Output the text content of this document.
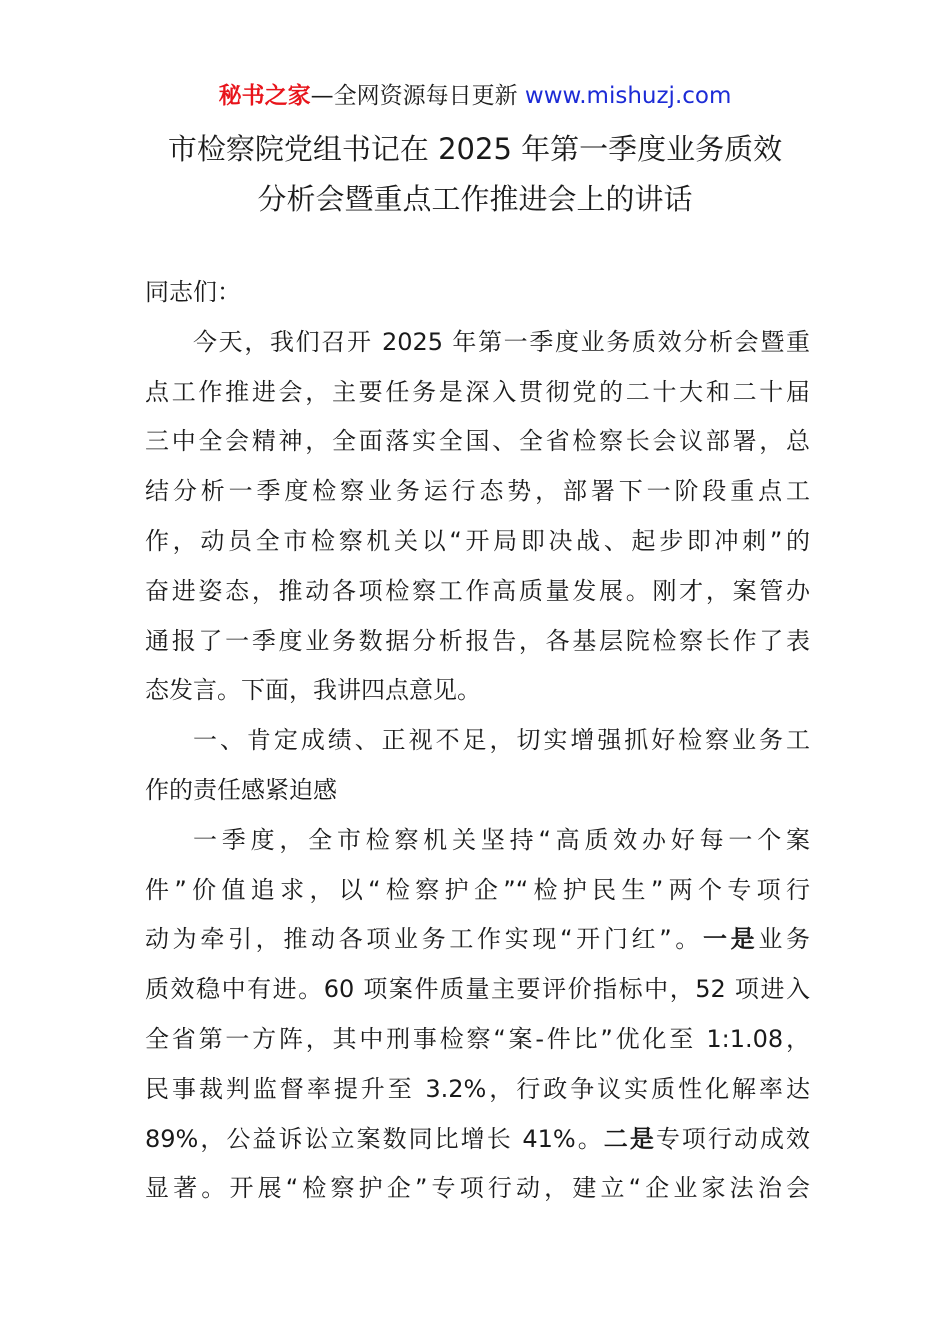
秘书之家—全网资源每日更新 www.mishuzj.com
市检察院党组书记在 2025 年第一季度业务质效
分析会暨重点工作推进会上的讲话
同志们：
今天，我们召开 2025 年第一季度业务质效分析会暨重
点工作推进会，主要任务是深入贯彻党的二十大和二十届
三中全会精神，全面落实全国、全省检察长会议部署，总
结分析一季度检察业务运行态势，部署下一阶段重点工
作，动员全市检察机关以“开局即决战、起步即冲刺”的
奋进姿态，推动各项检察工作高质量发展。刚才，案管办
通报了一季度业务数据分析报告，各基层院检察长作了表
态发言。下面，我讲四点意见。
一、肯定成绩、正视不足，切实增强抓好检察业务工
作的责任感紧迫感
一季度，全市检察机关坚持“高质效办好每一个案
件”价值追求，以“检察护企”“检护民生”两个专项行
动为牵引，推动各项业务工作实现“开门红”。一是业务
质效稳中有进。60 项案件质量主要评价指标中，52 项进入
全省第一方阵，其中刑事检察“案-件比”优化至 1:1.08，
民事裁判监督率提升至 3.2%，行政争议实质性化解率达
89%，公益诉讼立案数同比增长 41%。二是专项行动成效
显著。开展“检察护企”专项行动，建立“企业家法治会
